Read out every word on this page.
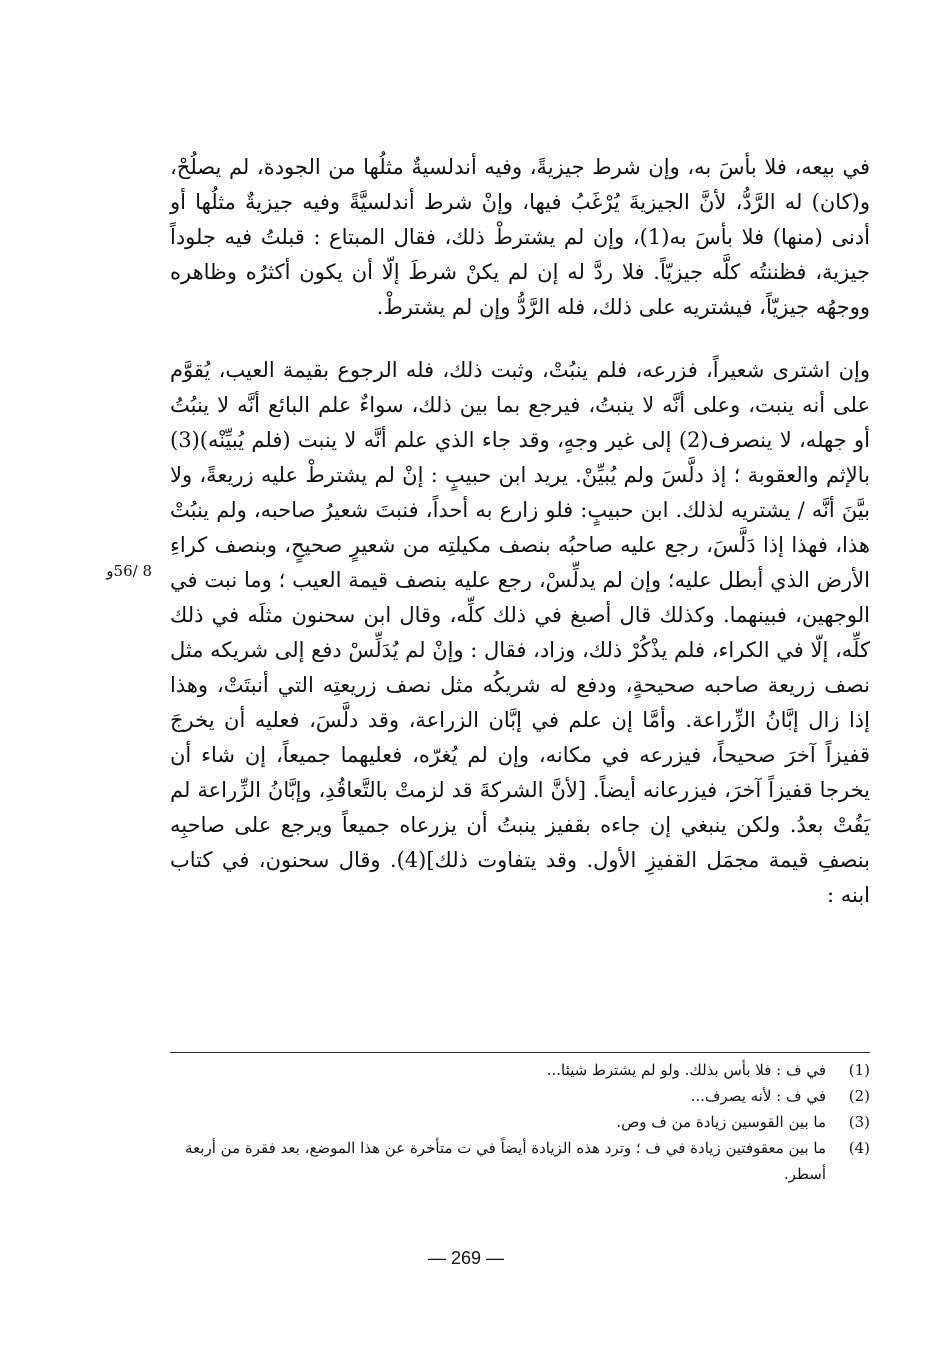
في بيعه، فلا بأسَ به، وإن شرط جيزيةً، وفيه أندلسيةٌ مثلُها من الجودة، لم يصلُحْ، و(كان) له الرَّدُّ، لأنَّ الجيزيةَ يُرْغَبُ فيها، وإنْ شرط أندلسيَّةً وفيه جيزيةٌ مثلُها أو أدنى (منها) فلا بأسَ به(1)، وإن لم يشترطْ ذلك، فقال المبتاع : قبلتُ فيه جلوداً جيزية، فظننتُه كلَّه جيزيّاً. فلا ردَّ له إن لم يكنْ شرطَ إلّا أن يكون أكثرُه وظاهره ووجهُه جيزيّاً، فيشتريه على ذلك، فله الرَّدُّ وإن لم يشترطْ.

وإن اشترى شعيراً، فزرعه، فلم ينبُتْ، وثبت ذلك، فله الرجوع بقيمة العيب، يُقوَّم على أنه ينبت، وعلى أنَّه لا ينبتُ، فيرجع بما بين ذلك، سواءٌ علم البائع أنَّه لا ينبُتُ أو جهله، لا ينصرف(2) إلى غير وجهٍ، وقد جاء الذي علم أنَّه لا ينبت (فلم يُبيِّنْه)(3) بالإثم والعقوبة ؛ إذ دلَّسَ ولم يُبيِّنْ. يريد ابن حبيبٍ : إنْ لم يشترطْ عليه زريعةً، ولا بيَّنَ أنَّه / يشتريه لذلك. ابن حبيبٍ: فلو زارع به أحداً، فنبتَ شعيرُ صاحبه، ولم ينبُتْ هذا، فهذا إذا دَلَّسَ، رجع عليه صاحبُه بنصف مكيلتِه من شعيرٍ صحيحٍ، وبنصف كراءِ الأرض الذي أبطل عليه؛ وإن لم يدلِّسْ، رجع عليه بنصف قيمة العيب ؛ وما نبت في الوجهين، فبينهما. وكذلك قال أصبغ في ذلك كلِّه، وقال ابن سحنون مثلَه في ذلك كلِّه، إلّا في الكراء، فلم يذْكُرْ ذلك، وزاد، فقال : وإنْ لم يُدَلِّسْ دفع إلى شريكه مثل نصف زريعة صاحبه صحيحةٍ، ودفع له شريكُه مثل نصف زريعتِه التي أنبتَتْ، وهذا إذا زال إبَّانُ الزِّراعة. وأمَّا إن علم في إبَّان الزراعة، وقد دلَّسَ، فعليه أن يخرجَ قفيزاً آخرَ صحيحاً، فيزرعه في مكانه، وإن لم يُغرّه، فعليهما جميعاً، إن شاء أن يخرجا قفيزاً آخرَ، فيزرعانه أيضاً. [لأنَّ الشركةَ قد لزمتْ بالتَّعاقُدِ، وإبَّانُ الزِّراعة لم يَفُتْ بعدُ. ولكن ينبغي إن جاءه بقفيز ينبتُ أن يزرعاه جميعاً ويرجع على صاحبِه بنصفِ قيمة مجمَل القفيزِ الأول. وقد يتفاوت ذلك](4). وقال سحنون، في كتاب ابنه :

8 /56و
(1)
في ف : فلا بأس بذلك. ولو لم يشترط شيئا...
(2)
في ف : لأنه يصرف...
(3)
ما بين القوسين زيادة من ف وص.
(4)
ما بين معقوفتين زيادة في ف ؛ وترد هذه الزيادة أيضاً في ت متأخرة عن هذا الموضع، بعد فقرة من أربعة أسطر.
— 269 —
